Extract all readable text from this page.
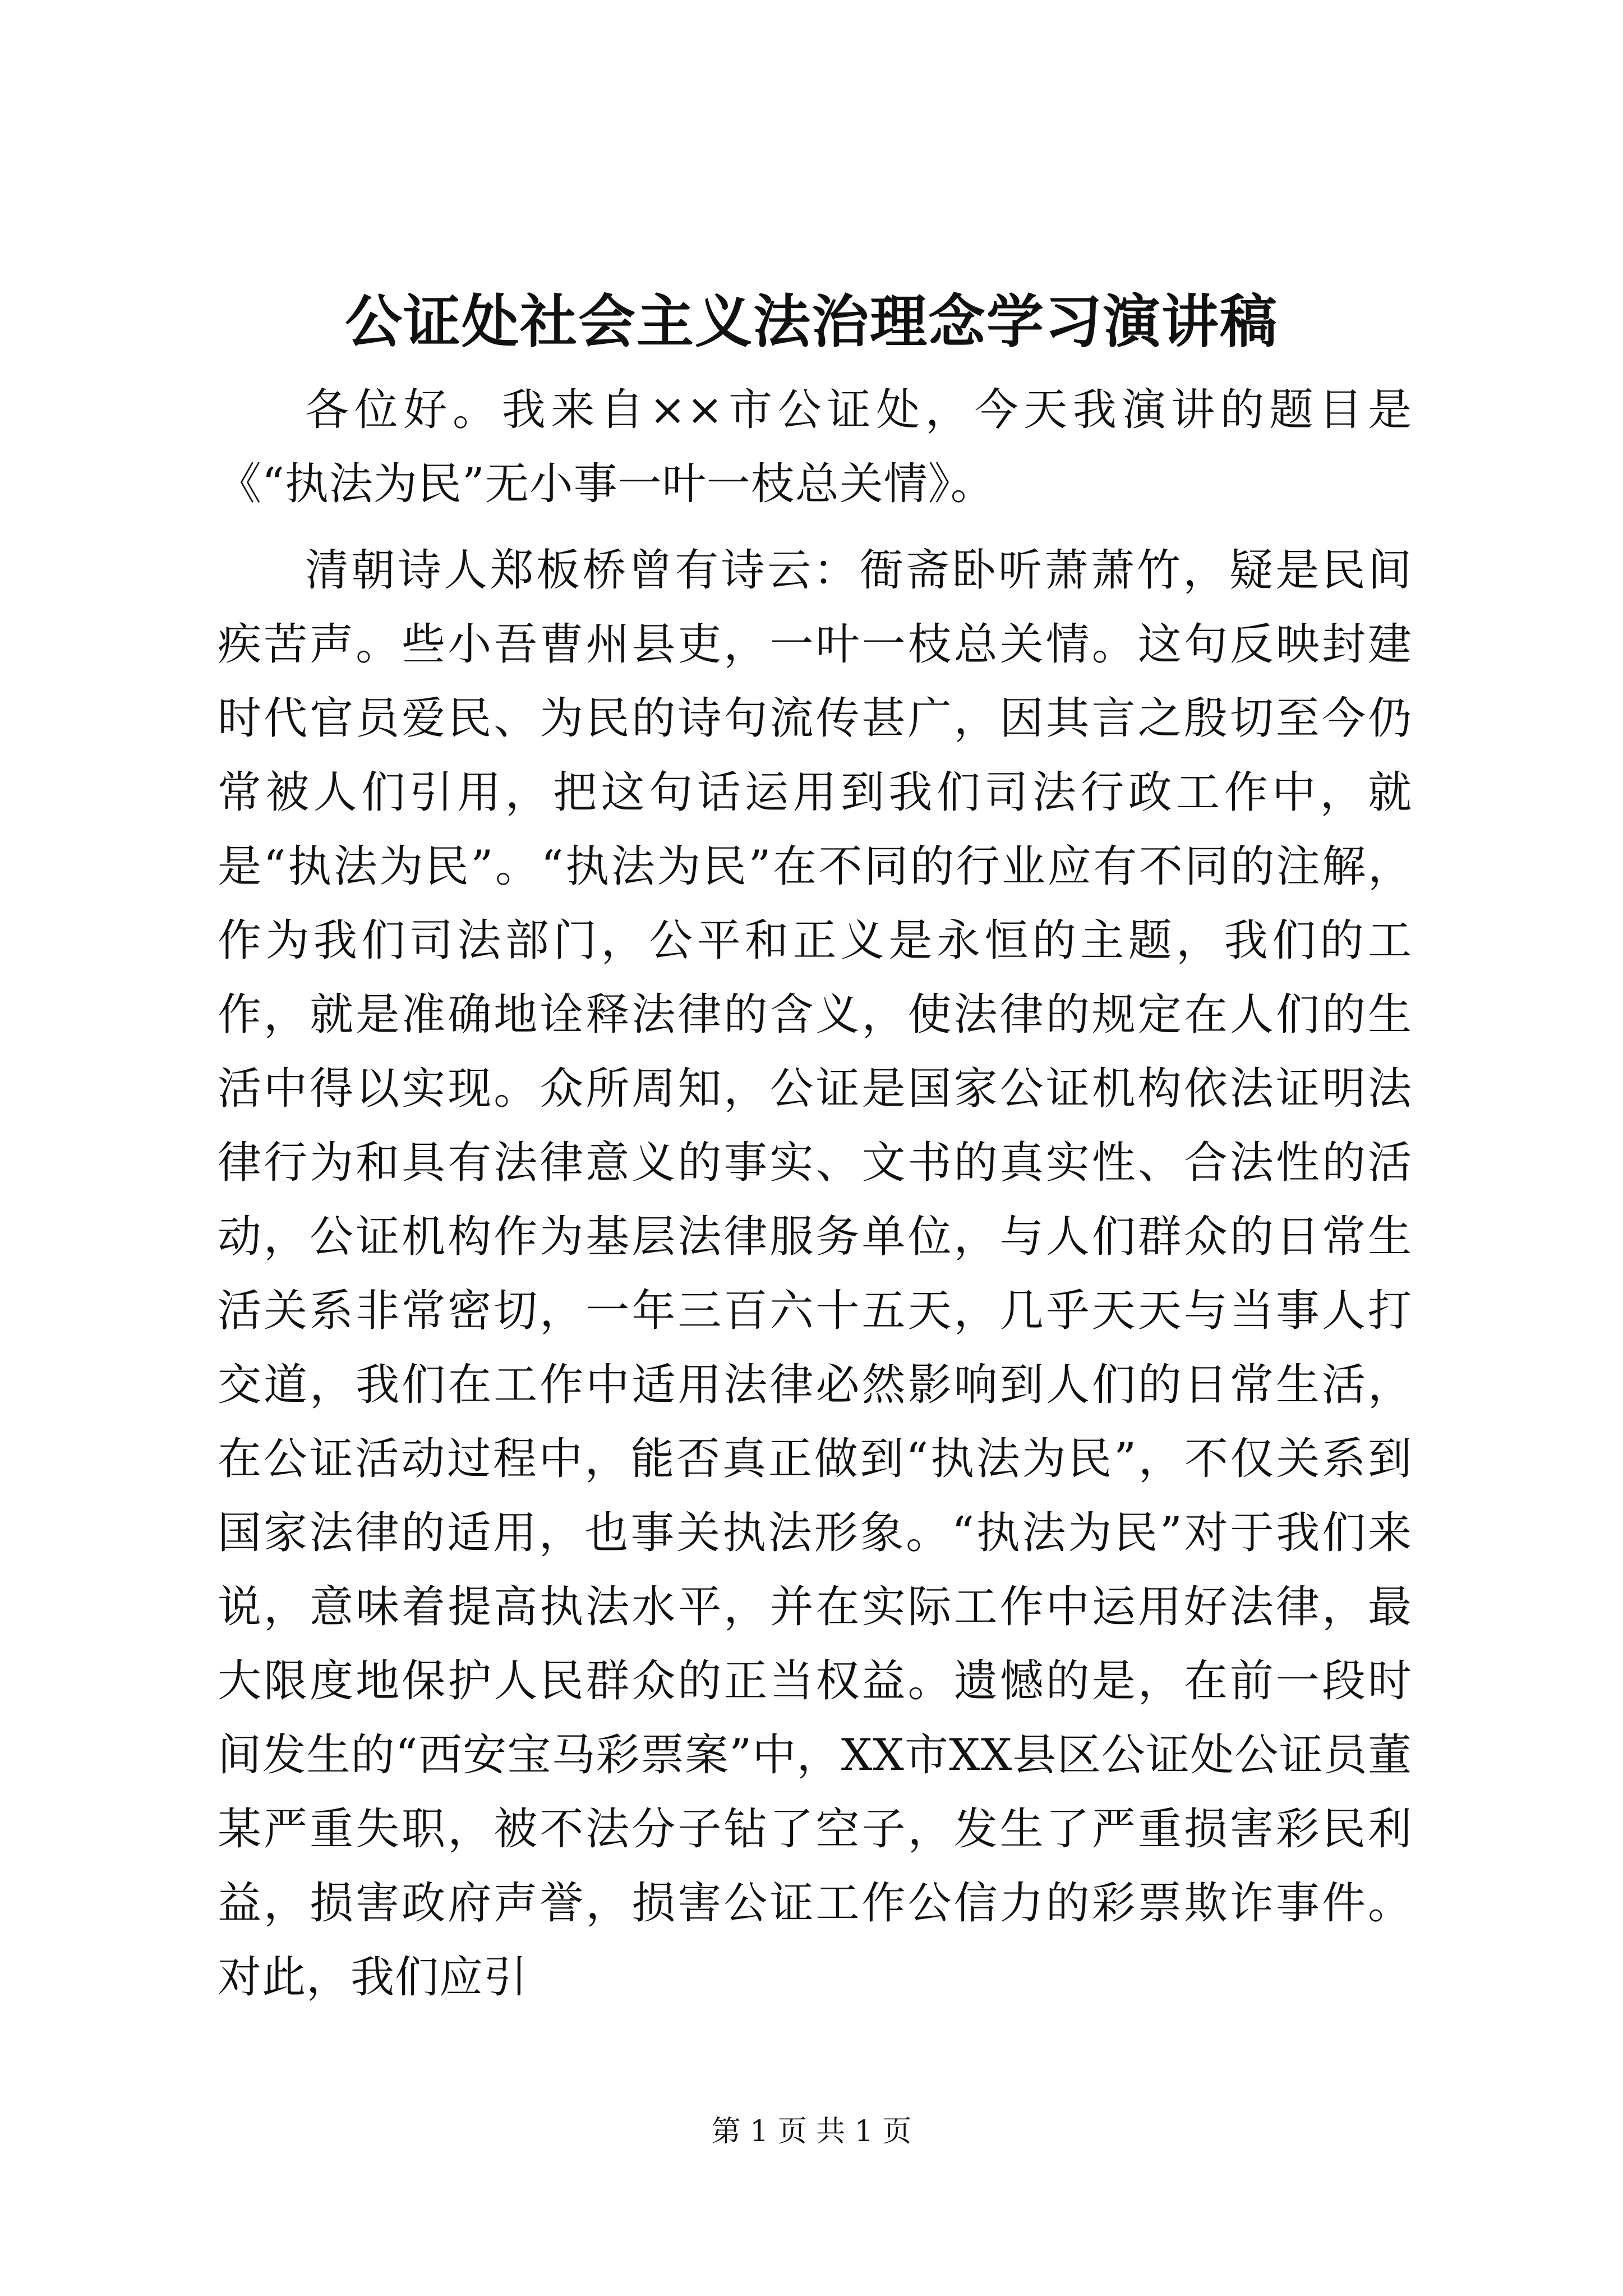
公证处社会主义法治理念学习演讲稿

各位好。我来自××市公证处，今天我演讲的题目是《“执法为民”无小事一叶一枝总关情》。

清朝诗人郑板桥曾有诗云：衙斋卧听萧萧竹，疑是民间疾苦声。些小吾曹州县吏，一叶一枝总关情。这句反映封建时代官员爱民、为民的诗句流传甚广，因其言之殷切至今仍常被人们引用，把这句话运用到我们司法行政工作中，就是“执法为民”。“执法为民”在不同的行业应有不同的注解，作为我们司法部门，公平和正义是永恒的主题，我们的工作，就是准确地诠释法律的含义，使法律的规定在人们的生活中得以实现。众所周知，公证是国家公证机构依法证明法律行为和具有法律意义的事实、文书的真实性、合法性的活动，公证机构作为基层法律服务单位，与人们群众的日常生活关系非常密切，一年三百六十五天，几乎天天与当事人打交道，我们在工作中适用法律必然影响到人们的日常生活，在公证活动过程中，能否真正做到“执法为民”，不仅关系到国家法律的适用，也事关执法形象。“执法为民”对于我们来说，意味着提高执法水平，并在实际工作中运用好法律，最大限度地保护人民群众的正当权益。遗憾的是，在前一段时间发生的“西安宝马彩票案”中，XX市XX县区公证处公证员董某严重失职，被不法分子钻了空子，发生了严重损害彩民利益，损害政府声誉，损害公证工作公信力的彩票欺诈事件。对此，我们应引

第 1 页 共 1 页
